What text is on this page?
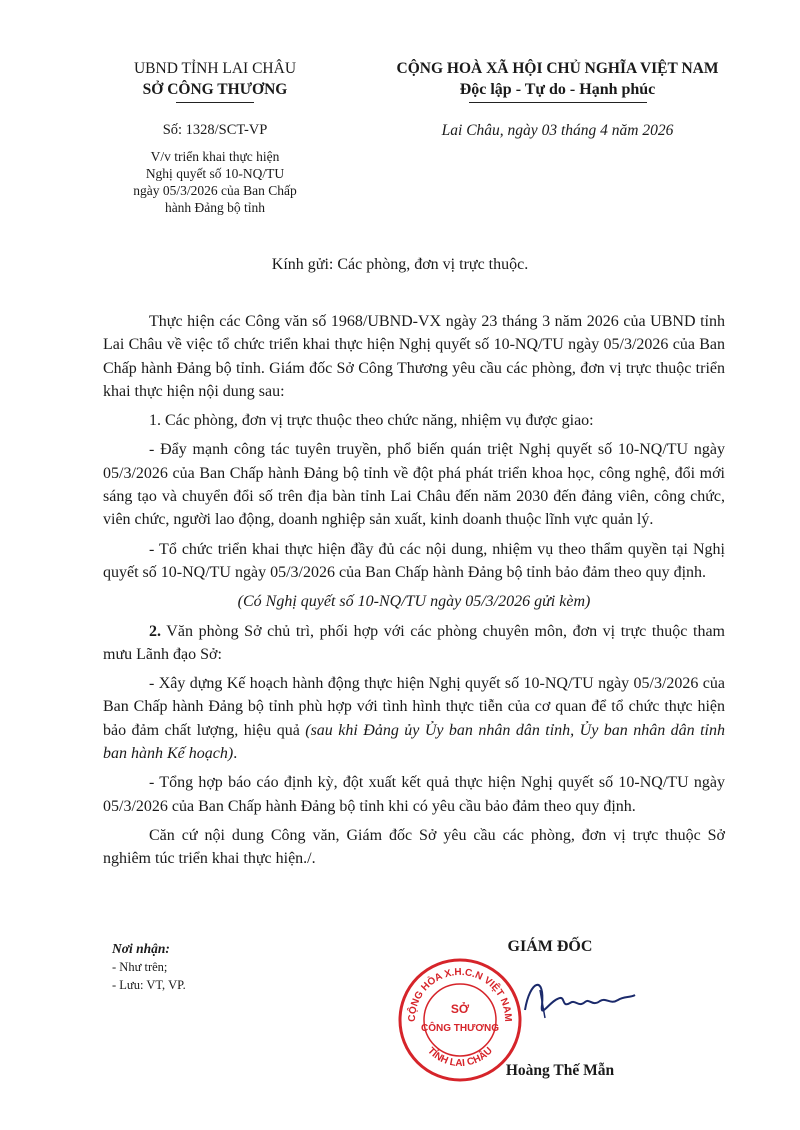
UBND TỈNH LAI CHÂU
SỞ CÔNG THƯƠNG
CỘNG HOÀ XÃ HỘI CHỦ NGHĨA VIỆT NAM
Độc lập - Tự do - Hạnh phúc
Số: 1328/SCT-VP
V/v triển khai thực hiện
Nghị quyết số 10-NQ/TU
ngày 05/3/2026 của Ban Chấp
hành Đảng bộ tỉnh
Lai Châu, ngày 03 tháng 4 năm 2026
Kính gửi: Các phòng, đơn vị trực thuộc.

Thực hiện các Công văn số 1968/UBND-VX ngày 23 tháng 3 năm 2026 của UBND tỉnh Lai Châu về việc tổ chức triển khai thực hiện Nghị quyết số 10-NQ/TU ngày 05/3/2026 của Ban Chấp hành Đảng bộ tỉnh. Giám đốc Sở Công Thương yêu cầu các phòng, đơn vị trực thuộc triển khai thực hiện nội dung sau:

1. Các phòng, đơn vị trực thuộc theo chức năng, nhiệm vụ được giao:

- Đẩy mạnh công tác tuyên truyền, phổ biến quán triệt Nghị quyết số 10-NQ/TU ngày 05/3/2026 của Ban Chấp hành Đảng bộ tỉnh về đột phá phát triển khoa học, công nghệ, đổi mới sáng tạo và chuyển đổi số trên địa bàn tỉnh Lai Châu đến năm 2030 đến đảng viên, công chức, viên chức, người lao động, doanh nghiệp sản xuất, kinh doanh thuộc lĩnh vực quản lý.

- Tổ chức triển khai thực hiện đầy đủ các nội dung, nhiệm vụ theo thẩm quyền tại Nghị quyết số 10-NQ/TU ngày 05/3/2026 của Ban Chấp hành Đảng bộ tỉnh bảo đảm theo quy định.

(Có Nghị quyết số 10-NQ/TU ngày 05/3/2026 gửi kèm)

2. Văn phòng Sở chủ trì, phối hợp với các phòng chuyên môn, đơn vị trực thuộc tham mưu Lãnh đạo Sở:

- Xây dựng Kế hoạch hành động thực hiện Nghị quyết số 10-NQ/TU ngày 05/3/2026 của Ban Chấp hành Đảng bộ tỉnh phù hợp với tình hình thực tiễn của cơ quan để tổ chức thực hiện bảo đảm chất lượng, hiệu quả (sau khi Đảng ủy Ủy ban nhân dân tỉnh, Ủy ban nhân dân tỉnh ban hành Kế hoạch).

- Tổng hợp báo cáo định kỳ, đột xuất kết quả thực hiện Nghị quyết số 10-NQ/TU ngày 05/3/2026 của Ban Chấp hành Đảng bộ tỉnh khi có yêu cầu bảo đảm theo quy định.

Căn cứ nội dung Công văn, Giám đốc Sở yêu cầu các phòng, đơn vị trực thuộc Sở nghiêm túc triển khai thực hiện./.

Nơi nhận:
- Như trên;
- Lưu: VT, VP.
GIÁM ĐỐC
CỘNG HÒA X.H.C.N VIỆT NAM
TỈNH LAI CHÂU
SỞ
CÔNG THƯƠNG
Hoàng Thế Mẫn
